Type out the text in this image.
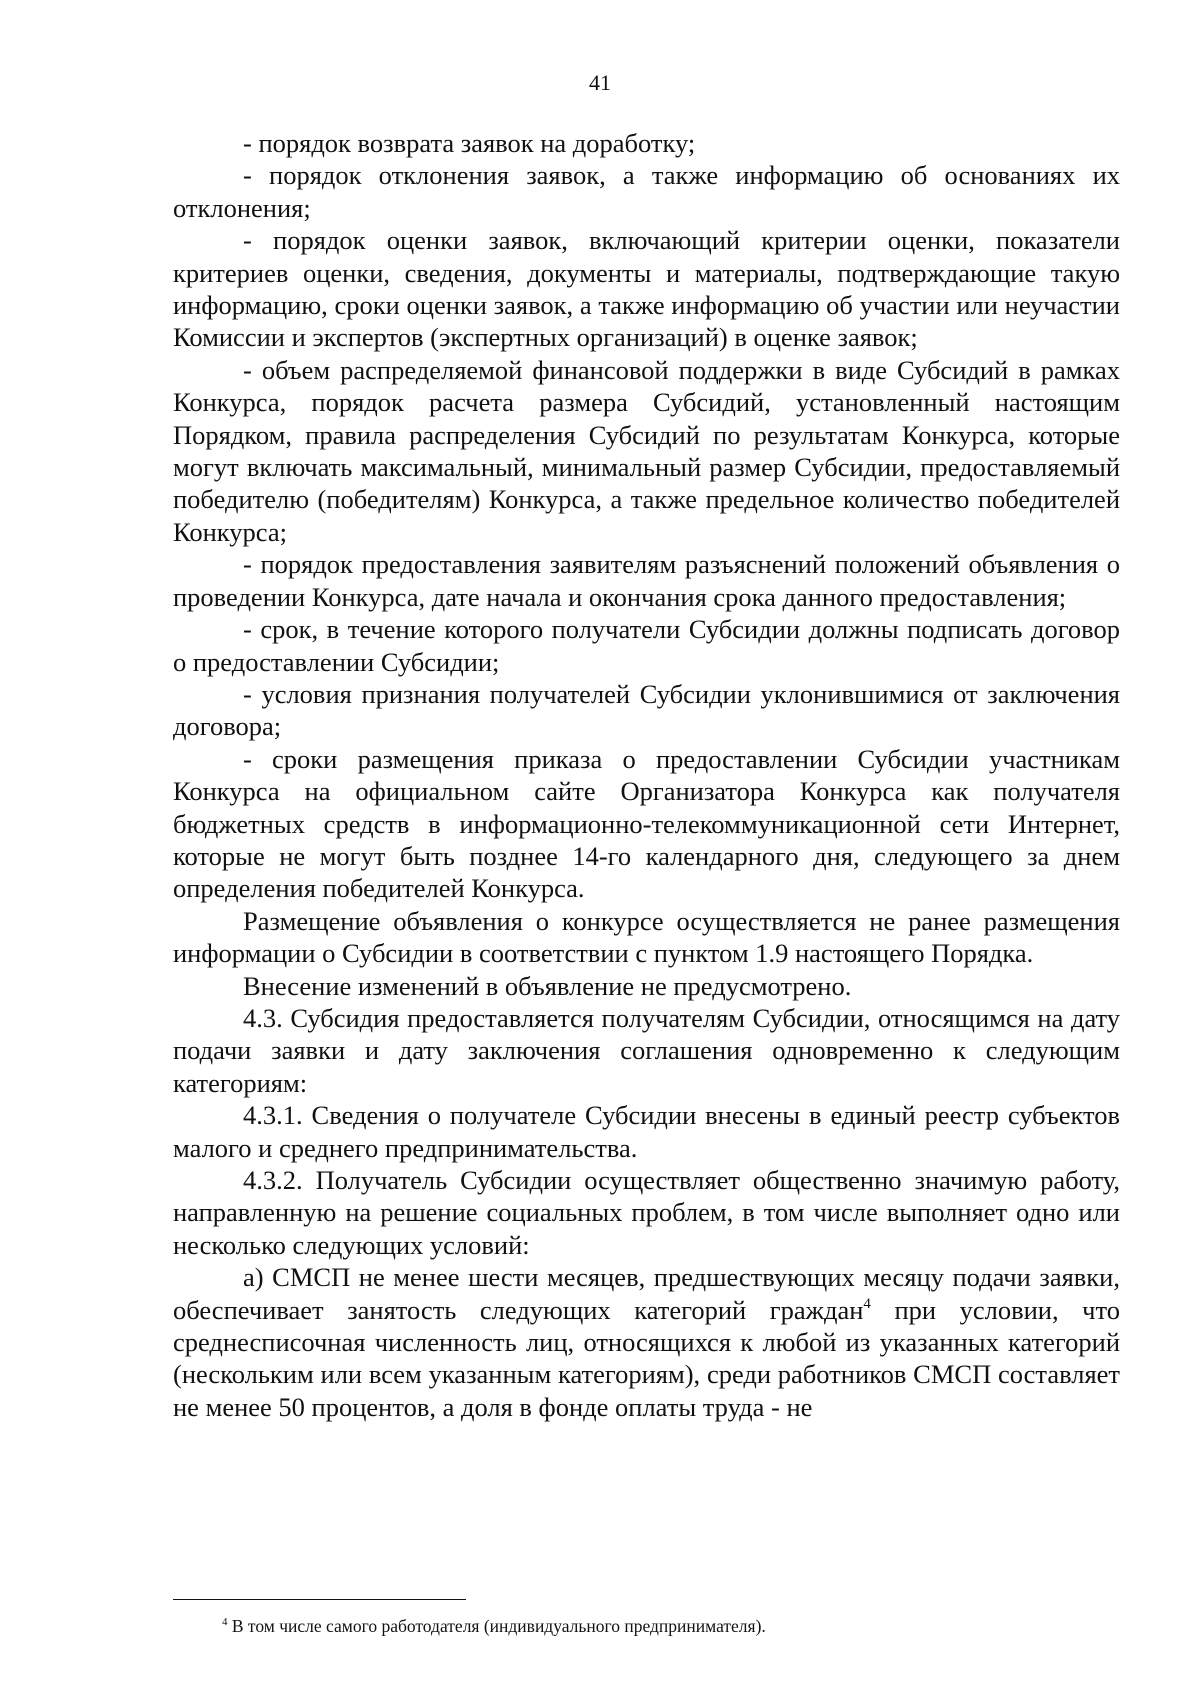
41

- порядок возврата заявок на доработку;

- порядок отклонения заявок, а также информацию об основаниях их отклонения;

- порядок оценки заявок, включающий критерии оценки, показатели критериев оценки, сведения, документы и материалы, подтверждающие такую информацию, сроки оценки заявок, а также информацию об участии или неучастии Комиссии и экспертов (экспертных организаций) в оценке заявок;

- объем распределяемой финансовой поддержки в виде Субсидий в рамках Конкурса, порядок расчета размера Субсидий, установленный настоящим Порядком, правила распределения Субсидий по результатам Конкурса, которые могут включать максимальный, минимальный размер Субсидии, предоставляемый победителю (победителям) Конкурса, а также предельное количество победителей Конкурса;

- порядок предоставления заявителям разъяснений положений объявления о проведении Конкурса, дате начала и окончания срока данного предоставления;

- срок, в течение которого получатели Субсидии должны подписать договор о предоставлении Субсидии;

- условия признания получателей Субсидии уклонившимися от заключения договора;

- сроки размещения приказа о предоставлении Субсидии участникам Конкурса на официальном сайте Организатора Конкурса как получателя бюджетных средств в информационно-телекоммуникационной сети Интернет, которые не могут быть позднее 14-го календарного дня, следующего за днем определения победителей Конкурса.

Размещение объявления о конкурсе осуществляется не ранее размещения информации о Субсидии в соответствии с пунктом 1.9 настоящего Порядка.

Внесение изменений в объявление не предусмотрено.

4.3. Субсидия предоставляется получателям Субсидии, относящимся на дату подачи заявки и дату заключения соглашения одновременно к следующим категориям:

4.3.1. Сведения о получателе Субсидии внесены в единый реестр субъектов малого и среднего предпринимательства.

4.3.2. Получатель Субсидии осуществляет общественно значимую работу, направленную на решение социальных проблем, в том числе выполняет одно или несколько следующих условий:

а) СМСП не менее шести месяцев, предшествующих месяцу подачи заявки, обеспечивает занятость следующих категорий граждан$^4$ при условии, что среднесписочная численность лиц, относящихся к любой из указанных категорий (нескольким или всем указанным категориям), среди работников СМСП составляет не менее 50 процентов, а доля в фонде оплаты труда - не

$^4$ В том числе самого работодателя (индивидуального предпринимателя).
